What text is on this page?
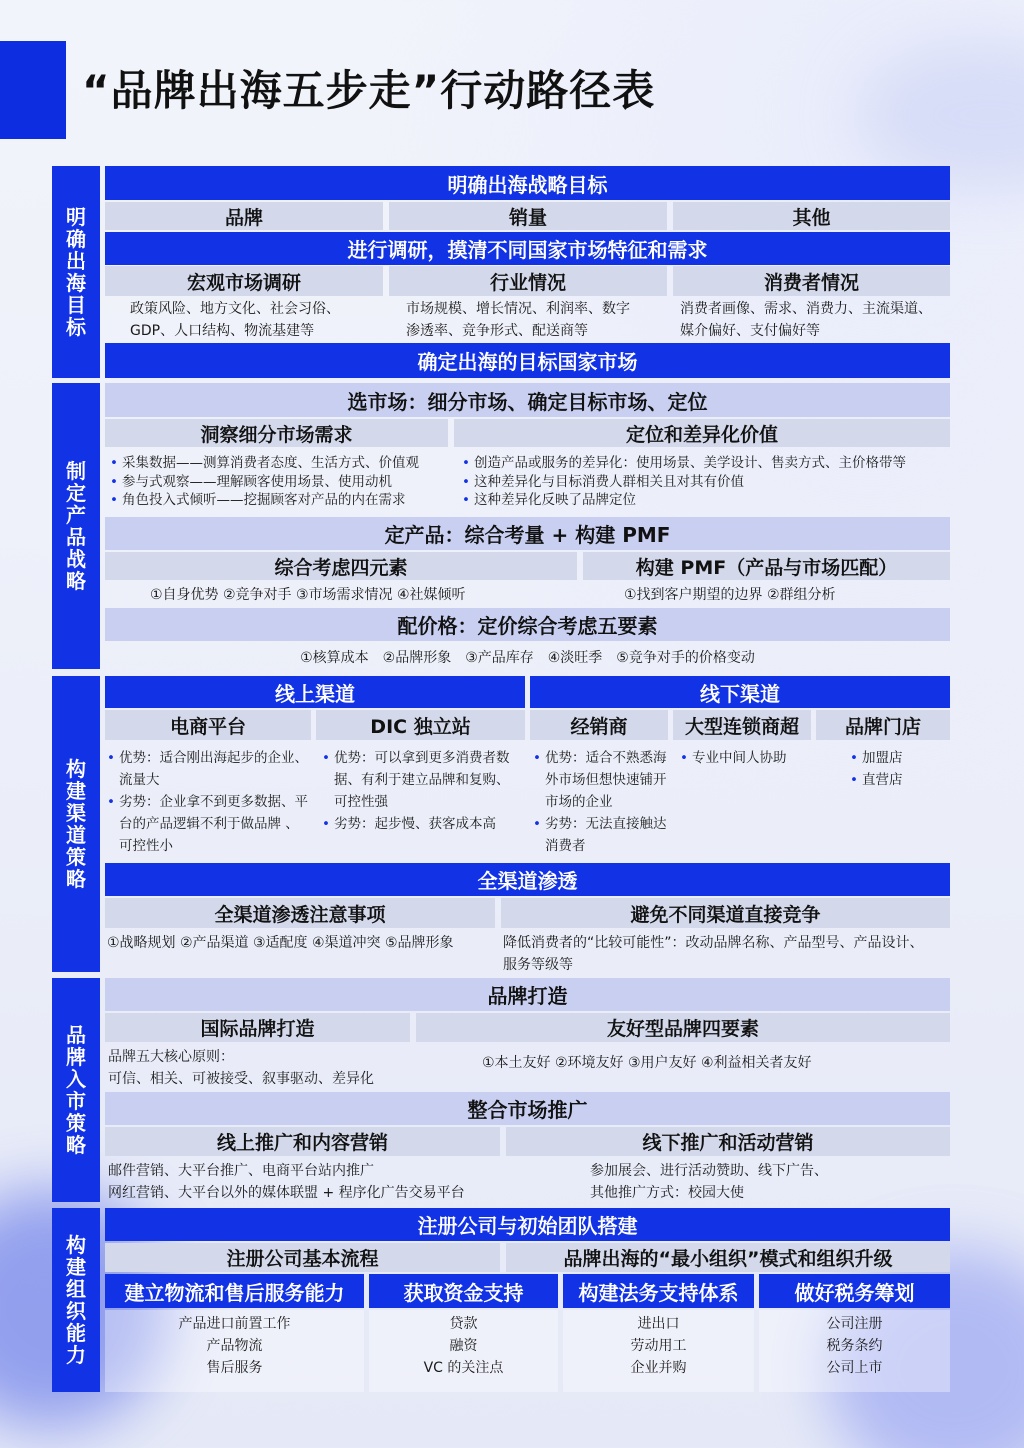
“品牌出海五步走”行动路径表
明确出海目标
明确出海战略目标
品牌	销量	其他
进行调研，摸清不同国家市场特征和需求
宏观市场调研	行业情况	消费者情况
政策风险、地方文化、社会习俗、
GDP、人口结构、物流基建等
市场规模、增长情况、利润率、数字
渗透率、竞争形式、配送商等
消费者画像、需求、消费力、主流渠道、
媒介偏好、支付偏好等
确定出海的目标国家市场
制定产品战略
选市场：细分市场、确定目标市场、定位
洞察细分市场需求	定位和差异化价值
• 采集数据——测算消费者态度、生活方式、价值观
• 参与式观察——理解顾客使用场景、使用动机
• 角色投入式倾听——挖掘顾客对产品的内在需求
• 创造产品或服务的差异化：使用场景、美学设计、售卖方式、主价格带等
• 这种差异化与目标消费人群相关且对其有价值
• 这种差异化反映了品牌定位
定产品：综合考量 + 构建 PMF
综合考虑四元素	构建 PMF（产品与市场匹配）
①自身优势 ②竞争对手 ③市场需求情况 ④社媒倾听	①找到客户期望的边界 ②群组分析
配价格：定价综合考虑五要素
①核算成本　②品牌形象　③产品库存　④淡旺季　⑤竞争对手的价格变动
构建渠道策略
线上渠道	线下渠道
电商平台	DIC 独立站	经销商	大型连锁商超	品牌门店
• 优势：适合刚出海起步的企业、流量大
• 劣势：企业拿不到更多数据、平台的产品逻辑不利于做品牌 、可控性小
• 优势：可以拿到更多消费者数据、有利于建立品牌和复购、 可控性强
• 劣势：起步慢、获客成本高
• 优势：适合不熟悉海外市场但想快速铺开市场的企业
• 劣势：无法直接触达消费者
• 专业中间人协助
•	加盟店
• 直营店
全渠道渗透
全渠道渗透注意事项	避免不同渠道直接竞争
①战略规划 ②产品渠道 ③适配度 ④渠道冲突 ⑤品牌形象	降低消费者的“比较可能性”：改动品牌名称、产品型号、产品设计、
服务等级等
品牌入市策略
品牌打造
国际品牌打造	友好型品牌四要素
品牌五大核心原则：
可信、相关、可被接受、叙事驱动、差异化
①本土友好 ②环境友好 ③用户友好 ④利益相关者友好
整合市场推广
线上推广和内容营销	线下推广和活动营销
邮件营销、大平台推广、电商平台站内推广
网红营销、大平台以外的媒体联盟 + 程序化广告交易平台
参加展会、进行活动赞助、线下广告、
其他推广方式：校园大使
构建组织能力
注册公司与初始团队搭建
注册公司基本流程	品牌出海的“最小组织”模式和组织升级
建立物流和售后服务能力	获取资金支持	构建法务支持体系	做好税务筹划
产品进口前置工作
产品物流
售后服务
贷款
融资
VC 的关注点
进出口
劳动用工
企业并购
公司注册
税务条约
公司上市
